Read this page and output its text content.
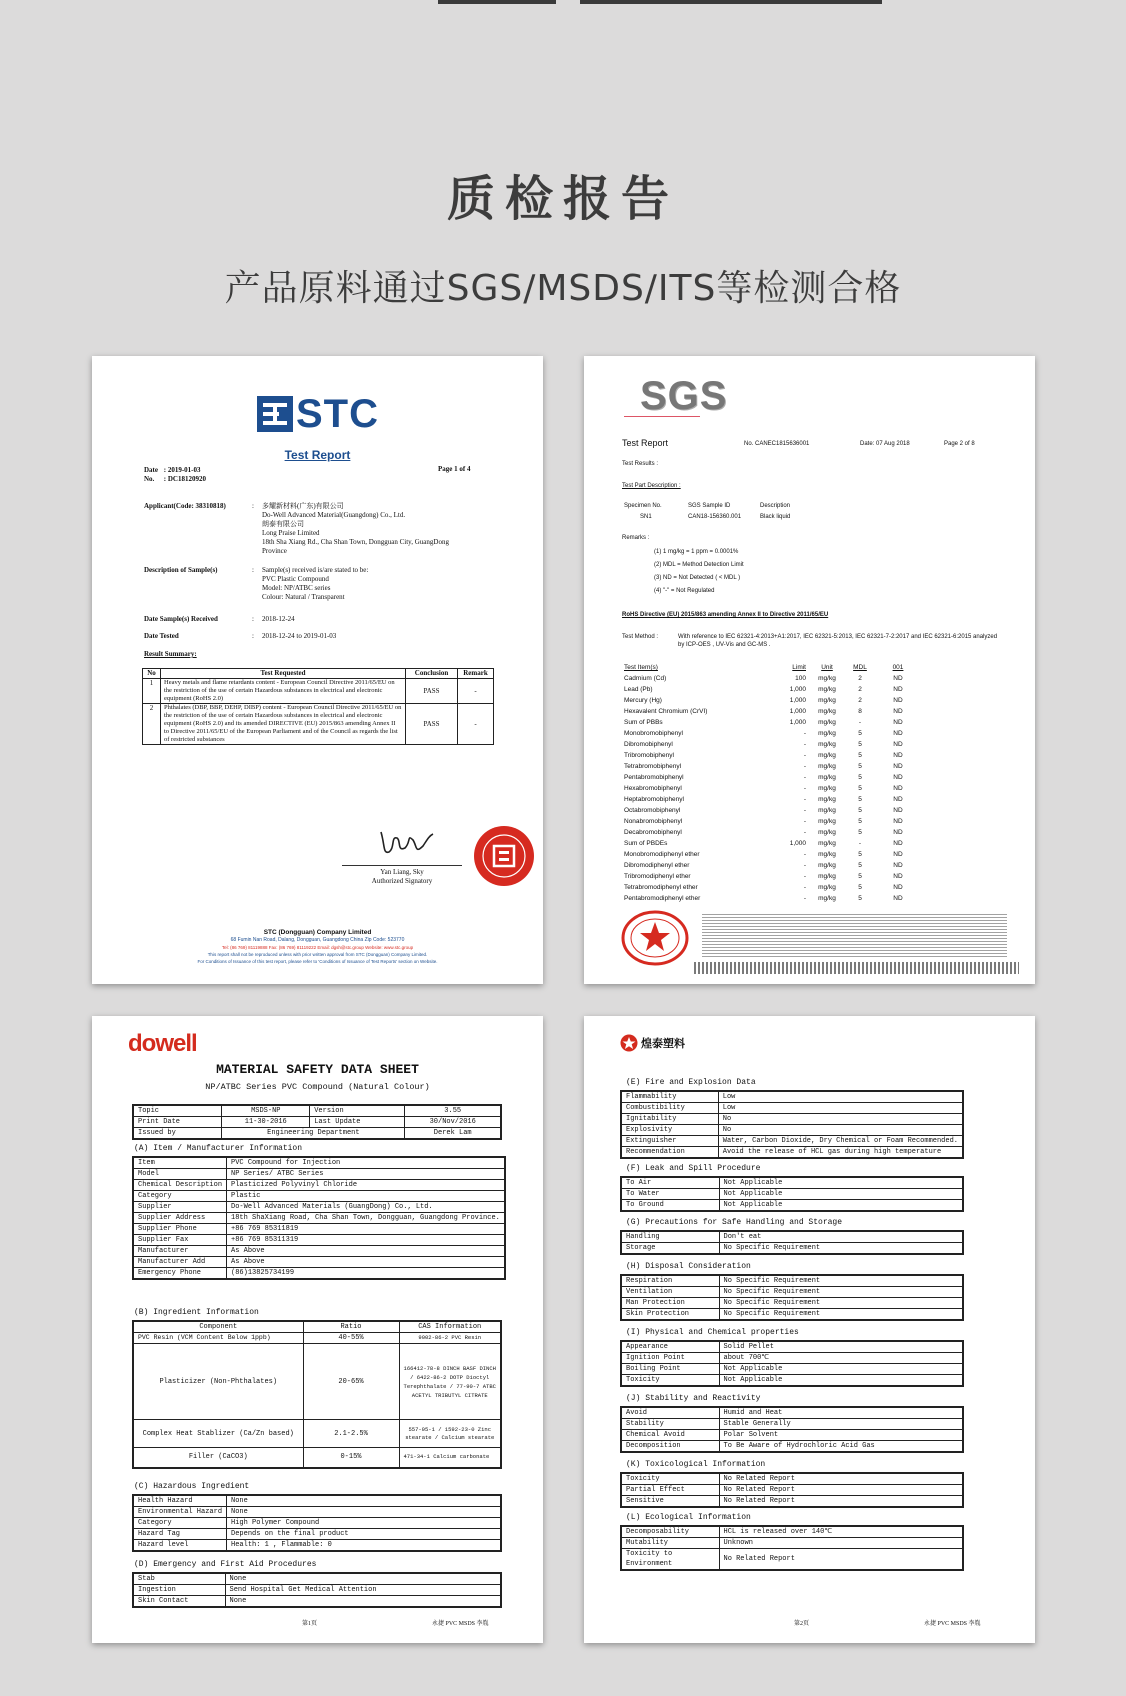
质检报告
产品原料通过SGS/MSDS/ITS等检测合格
STC
Test Report
Date : 2019-01-03
No. : DC18120920
Page 1 of 4
Applicant(Code: 38310818)	: 多耀新材料(广东)有限公司
Do-Well Advanced Material(Guangdong) Co., Ltd.
朗泰有限公司
Long Praise Limited
18th Sha Xiang Rd., Cha Shan Town, Dongguan City, GuangDong
Province
Description of Sample(s)	: Sample(s) received is/are stated to be:
PVC Plastic Compound
Model: NP/ATBC series
Colour: Natural / Transparent
Date Sample(s) Received	: 2018-12-24
Date Tested	: 2018-12-24 to 2019-01-03
Result Summary:
No	Test Requested	Conclusion	Remark
1	Heavy metals and flame retardants content - European Council Directive 2011/65/EU on the restriction of the use of certain Hazardous substances in electrical and electronic equipment (RoHS 2.0)	PASS	-
2	Phthalates (DBP, BBP, DEHP, DIBP) content - European Council Directive 2011/65/EU on the restriction of the use of certain Hazardous substances in electrical and electronic equipment (RoHS 2.0) and its amended DIRECTIVE (EU) 2015/863 amending Annex II to Directive 2011/65/EU of the European Parliament and of the Council as regards the list of restricted substances	PASS	-
Yan Liang, Sky
Authorized Signatory
STC (Dongguan) Company Limited
68 Fumin Nan Road, Dalang, Dongguan, Guangdong China Zip Code: 523770
Tel: (86 769) 81119888 Fax: (86 769) 81119222 Email: dgsh@stc.group Website: www.stc.group
This report shall not be reproduced unless with prior written approval from STC (Dongguan) Company Limited.
For Conditions of Issuance of this test report, please refer to 'Conditions of Issuance of Test Reports' section on Website.
SGS
Test Report	No. CANEC1815636001	Date: 07 Aug 2018	Page 2 of 8
Test Results :
Test Part Description :
Specimen No.	SGS Sample ID	Description
SN1	CAN18-156360.001	Black liquid
Remarks :
(1) 1 mg/kg = 1 ppm = 0.0001%
(2) MDL = Method Detection Limit
(3) ND = Not Detected ( < MDL )
(4) "-" = Not Regulated
RoHS Directive (EU) 2015/863 amending Annex II to Directive 2011/65/EU
Test Method :	With reference to IEC 62321-4:2013+A1:2017, IEC 62321-5:2013, IEC 62321-7-2:2017 and IEC 62321-6:2015 analyzed by ICP-OES , UV-Vis and GC-MS .
Test Item(s)	Limit	Unit	MDL	001
Cadmium (Cd)	100	mg/kg	2	ND
Lead (Pb)	1,000	mg/kg	2	ND
Mercury (Hg)	1,000	mg/kg	2	ND
Hexavalent Chromium (CrVI)	1,000	mg/kg	8	ND
Sum of PBBs	1,000	mg/kg	-	ND
Monobromobiphenyl	-	mg/kg	5	ND
Dibromobiphenyl	-	mg/kg	5	ND
Tribromobiphenyl	-	mg/kg	5	ND
Tetrabromobiphenyl	-	mg/kg	5	ND
Pentabromobiphenyl	-	mg/kg	5	ND
Hexabromobiphenyl	-	mg/kg	5	ND
Heptabromobiphenyl	-	mg/kg	5	ND
Octabromobiphenyl	-	mg/kg	5	ND
Nonabromobiphenyl	-	mg/kg	5	ND
Decabromobiphenyl	-	mg/kg	5	ND
Sum of PBDEs	1,000	mg/kg	-	ND
Monobromodiphenyl ether	-	mg/kg	5	ND
Dibromodiphenyl ether	-	mg/kg	5	ND
Tribromodiphenyl ether	-	mg/kg	5	ND
Tetrabromodiphenyl ether	-	mg/kg	5	ND
Pentabromodiphenyl ether	-	mg/kg	5	ND
dowell
MATERIAL SAFETY DATA SHEET
NP/ATBC Series PVC Compound (Natural Colour)
Topic	MSDS-NP	Version	3.55
Print Date	11-30-2016	Last Update	30/Nov/2016
Issued by	Engineering Department		Derek Lam
(A) Item / Manufacturer Information
Item	PVC Compound for Injection
Model	NP Series/ ATBC Series
Chemical Description	Plasticized Polyvinyl Chloride
Category	Plastic
Supplier	Do-Well Advanced Materials (GuangDong) Co., Ltd.
Supplier Address	18th ShaXiang Road, Cha Shan Town, Dongguan, Guangdong Province.
Supplier Phone	+86 769 85311819
Supplier Fax	+86 769 85311319
Manufacturer	As Above
Manufacturer Add	As Above
Emergency Phone	(86)13825734199
(B) Ingredient Information
Component	Ratio	CAS Information
PVC Resin (VCM Content Below 1ppb)	40-55%	9002-86-2 PVC Resin
Plasticizer (Non-Phthalates)	20-65%	166412-78-8 DINCH BASF DINCH / 6422-86-2 DOTP Dioctyl Terephthalate / 77-90-7 ATBC ACETYL TRIBUTYL CITRATE
Complex Heat Stablizer (Ca/Zn based)	2.1-2.5%	557-05-1 / 1592-23-0 Zinc stearate / Calcium stearate
Filler (CaCO3)	0-15%	471-34-1 Calcium carbonate
(C) Hazardous Ingredient
Health Hazard	None
Environmental Hazard	None
Category	High Polymer Compound
Hazard Tag	Depends on the final product
Hazard level	Health: 1 , Flammable: 0
(D) Emergency and First Aid Procedures
Stab	None
Ingestion	Send Hospital Get Medical Attention
Skin Contact	None
第1页	永捷 PVC MSDS 李胤
煌泰塑料
(E) Fire and Explosion Data
Flammability	Low
Combustibility	Low
Ignitability	No
Explosivity	No
Extinguisher	Water, Carbon Dioxide, Dry Chemical or Foam Recommended.
Recommendation	Avoid the release of HCL gas during high temperature
(F) Leak and Spill Procedure
To Air	Not Applicable
To Water	Not Applicable
To Ground	Not Applicable
(G) Precautions for Safe Handling and Storage
Handling	Don't eat
Storage	No Specific Requirement
(H) Disposal Consideration
Respiration	No Specific Requirement
Ventilation	No Specific Requirement
Man Protection	No Specific Requirement
Skin Protection	No Specific Requirement
(I) Physical and Chemical properties
Appearance	Solid Pellet
Ignition Point	about 700℃
Boiling Point	Not Applicable
Toxicity	Not Applicable
(J) Stability and Reactivity
Avoid	Humid and Heat
Stability	Stable Generally
Chemical Avoid	Polar Solvent
Decomposition	To Be Aware of Hydrochloric Acid Gas
(K) Toxicological Information
Toxicity	No Related Report
Partial Effect	No Related Report
Sensitive	No Related Report
(L) Ecological Information
Decomposability	HCL is released over 140℃
Mutability	Unknown
Toxicity to Environment	No Related Report
第2页	永捷 PVC MSDS 李胤
